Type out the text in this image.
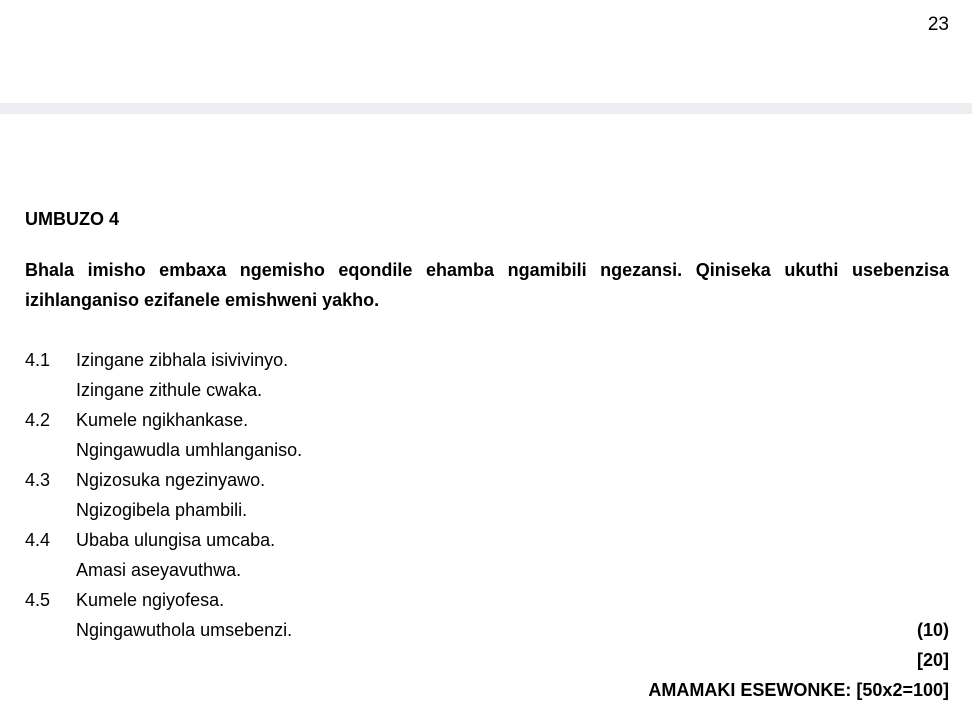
23

UMBUZO 4

Bhala imisho embaxa ngemisho eqondile ehamba ngamibili ngezansi. Qiniseka ukuthi usebenzisa izihlanganiso ezifanele emishweni yakho.

4.1	Izingane zibhala isivivinyo.
Izingane zithule cwaka.
4.2	Kumele ngikhankase.
Ngingawudla umhlanganiso.
4.3	Ngizosuka ngezinyawo.
Ngizogibela phambili.
4.4	Ubaba ulungisa umcaba.
Amasi aseyavuthwa.
4.5	Kumele ngiyofesa.
Ngingawuthola umsebenzi.	(10)
[20]
AMAMAKI ESEWONKE: [50x2=100]
